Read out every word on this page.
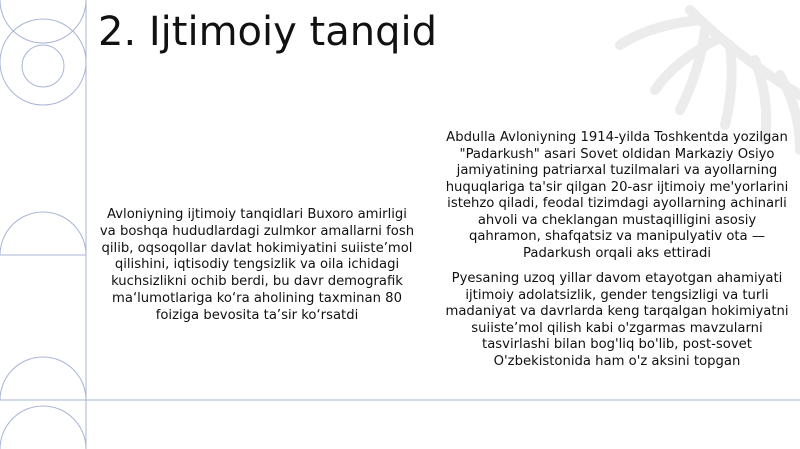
2. Ijtimoiy tanqid
Avloniyning ijtimoiy tanqidlari Buxoro amirligi va boshqa hududlardagi zulmkor amallarni fosh qilib, oqsoqollar davlat hokimiyatini suiiste’mol qilishini, iqtisodiy tengsizlik va oila ichidagi kuchsizlikni ochib berdi, bu davr demografik ma‘lumotlariga ko‘ra aholining taxminan 80 foiziga bevosita ta’sir ko‘rsatdi

Abdulla Avloniyning 1914-yilda Toshkentda yozilgan "Padarkush" asari Sovet oldidan Markaziy Osiyo jamiyatining patriarxal tuzilmalari va ayollarning huquqlariga ta'sir qilgan 20-asr ijtimoiy me'yorlarini istehzo qiladi, feodal tizimdagi ayollarning achinarli ahvoli va cheklangan mustaqilligini asosiy qahramon, shafqatsiz va manipulyativ ota — Padarkush orqali aks ettiradi

Pyesaning uzoq yillar davom etayotgan ahamiyati ijtimoiy adolatsizlik, gender tengsizligi va turli madaniyat va davrlarda keng tarqalgan hokimiyatni suiiste’mol qilish kabi o'zgarmas mavzularni tasvirlashi bilan bog'liq bo'lib, post-sovet O'zbekistonida ham o'z aksini topgan
